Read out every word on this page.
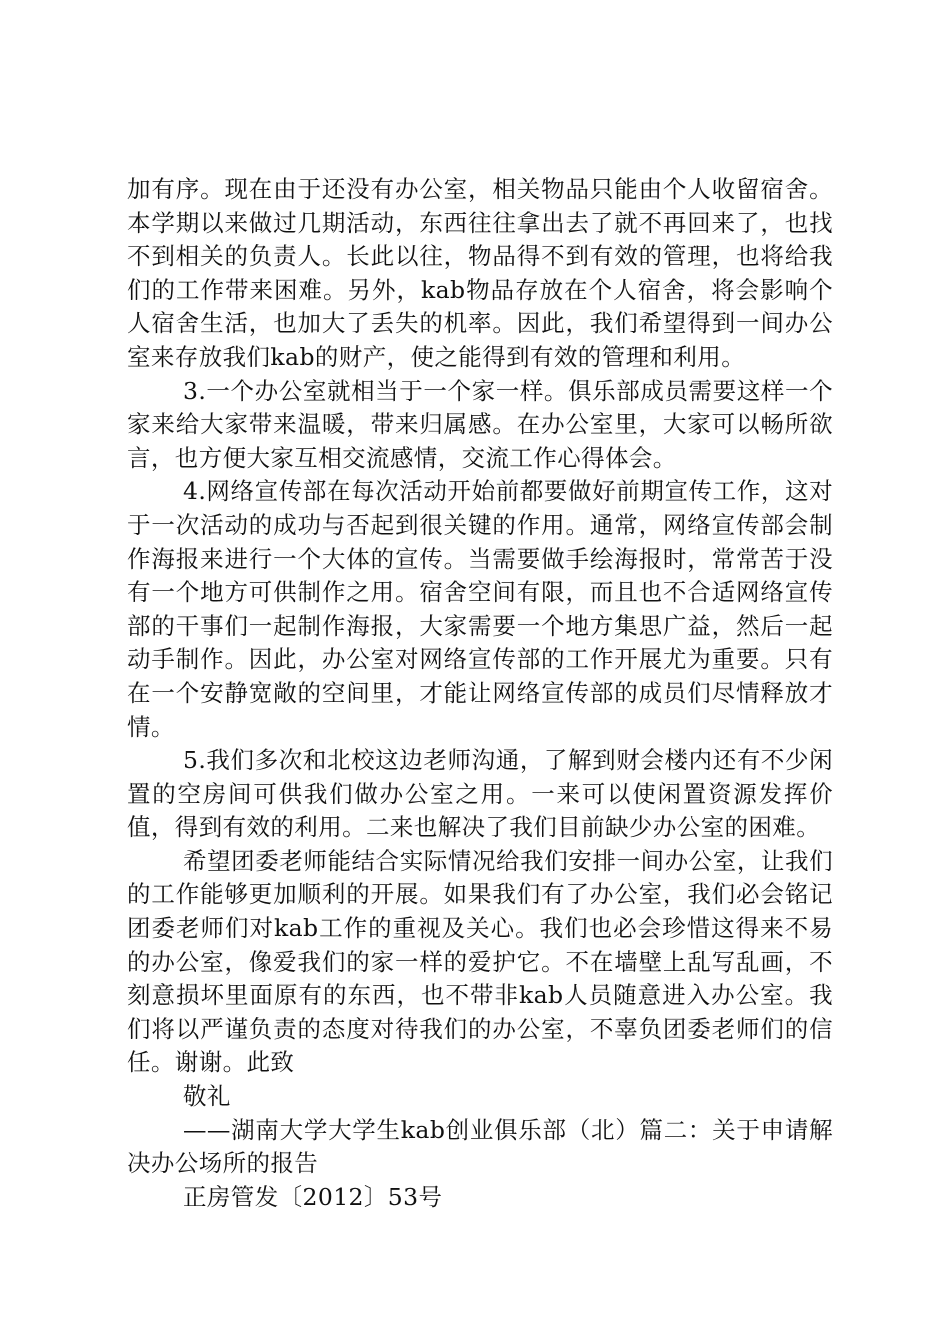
加有序。现在由于还没有办公室，相关物品只能由个人收留宿舍。本学期以来做过几期活动，东西往往拿出去了就不再回来了，也找不到相关的负责人。长此以往，物品得不到有效的管理，也将给我们的工作带来困难。另外，kab物品存放在个人宿舍，将会影响个人宿舍生活，也加大了丢失的机率。因此，我们希望得到一间办公室来存放我们kab的财产，使之能得到有效的管理和利用。

3.一个办公室就相当于一个家一样。俱乐部成员需要这样一个家来给大家带来温暖，带来归属感。在办公室里，大家可以畅所欲言，也方便大家互相交流感情，交流工作心得体会。

4.网络宣传部在每次活动开始前都要做好前期宣传工作，这对于一次活动的成功与否起到很关键的作用。通常，网络宣传部会制作海报来进行一个大体的宣传。当需要做手绘海报时，常常苦于没有一个地方可供制作之用。宿舍空间有限，而且也不合适网络宣传部的干事们一起制作海报，大家需要一个地方集思广益，然后一起动手制作。因此，办公室对网络宣传部的工作开展尤为重要。只有在一个安静宽敞的空间里，才能让网络宣传部的成员们尽情释放才情。

5.我们多次和北校这边老师沟通，了解到财会楼内还有不少闲置的空房间可供我们做办公室之用。一来可以使闲置资源发挥价值，得到有效的利用。二来也解决了我们目前缺少办公室的困难。

希望团委老师能结合实际情况给我们安排一间办公室，让我们的工作能够更加顺利的开展。如果我们有了办公室，我们必会铭记团委老师们对kab工作的重视及关心。我们也必会珍惜这得来不易的办公室，像爱我们的家一样的爱护它。不在墙壁上乱写乱画，不刻意损坏里面原有的东西，也不带非kab人员随意进入办公室。我们将以严谨负责的态度对待我们的办公室，不辜负团委老师们的信任。谢谢。此致

敬礼

——湖南大学大学生kab创业俱乐部（北）篇二：关于申请解决办公场所的报告

正房管发〔2012〕53号
